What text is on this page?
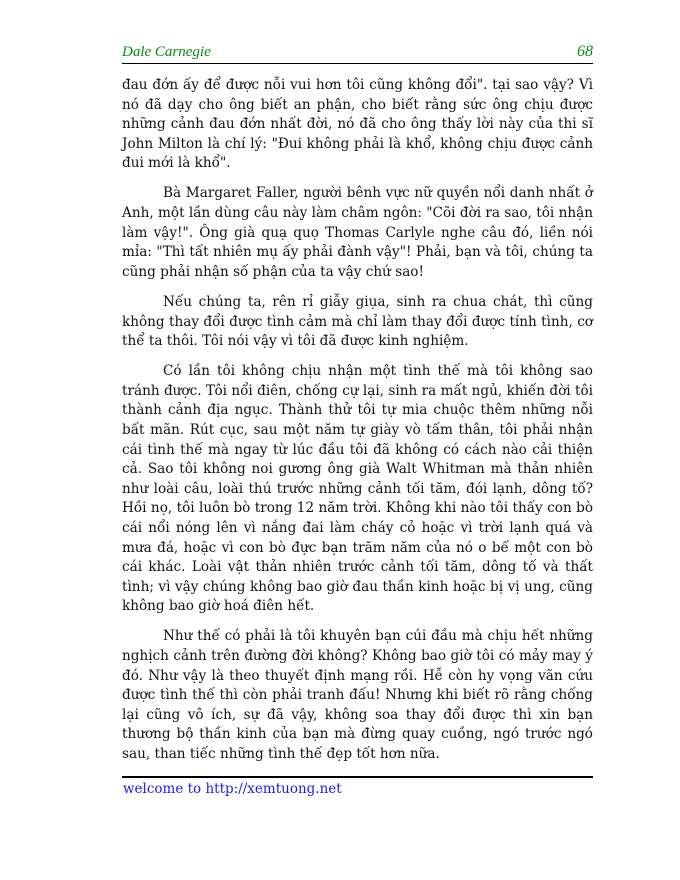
Dale Carnegie	68

đau đớn ấy để được nỗi vui hơn tôi cũng không đổi". tại sao vậy? Vì nó đã dạy cho ông biết an phận, cho biết rằng sức ông chịu được những cảnh đau đớn nhất đời, nó đã cho ông thấy lời này của thi sĩ John Milton là chí lý: "Đui không phải là khổ, không chịu được cảnh đui mới là khổ".

Bà Margaret Faller, người bênh vực nữ quyền nổi danh nhất ở Anh, một lần dùng câu này làm châm ngôn: "Cõi đời ra sao, tôi nhận làm vậy!". Ông già quạ quọ Thomas Carlyle nghe câu đó, liền nói mỉa: "Thì tất nhiên mụ ấy phải đành vậy"! Phải, bạn và tôi, chúng ta cũng phải nhận số phận của ta vậy chứ sao!

Nếu chúng ta, rên rỉ giẫy giụa, sinh ra chua chát, thì cũng không thay đổi được tình cảm mà chỉ làm thay đổi được tính tình, cơ thể ta thôi. Tôi nói vậy vì tôi đã được kinh nghiệm.

Có lần tôi không chịu nhận một tình thế mà tôi không sao tránh được. Tôi nổi điên, chống cự lại, sinh ra mất ngủ, khiến đời tôi thành cảnh địa ngục. Thành thử tôi tự mia chuộc thêm những nỗi bất mãn. Rút cục, sau một năm tự giày vò tấm thân, tôi phải nhận cái tình thế mà ngay từ lúc đầu tôi đã không có cách nào cải thiện cả. Sao tôi không noi gương ông già Walt Whitman mà thản nhiên như loài câu, loài thú trước những cảnh tối tăm, đói lạnh, dông tố? Hồi nọ, tôi luôn bò trong 12 năm trời. Không khi nào tôi thấy con bò cái nổi nóng lên vì nắng đai làm cháy cỏ hoặc vì trời lạnh quá và mưa đá, hoặc vì con bò đực bạn trăm năm của nó o bế một con bò cái khác. Loài vật thản nhiên trước cảnh tối tăm, dông tố và thất tình; vì vậy chúng không bao giờ đau thần kinh hoặc bị vị ung, cũng không bao giờ hoá điên hết.

Như thế có phải là tôi khuyên bạn cúi đầu mà chịu hết những nghịch cảnh trên đường đời không? Không bao giờ tôi có mảy may ý đó. Như vậy là theo thuyết định mạng rồi. Hễ còn hy vọng vãn cứu được tình thế thì còn phải tranh đấu! Nhưng khi biết rõ rằng chống lại cũng vô ích, sự đã vậy, không soa thay đổi được thì xin bạn thương bộ thần kinh của bạn mà đừng quay cuồng, ngó trước ngó sau, than tiếc những tình thế đẹp tốt hơn nữa.

welcome to http://xemtuong.net
